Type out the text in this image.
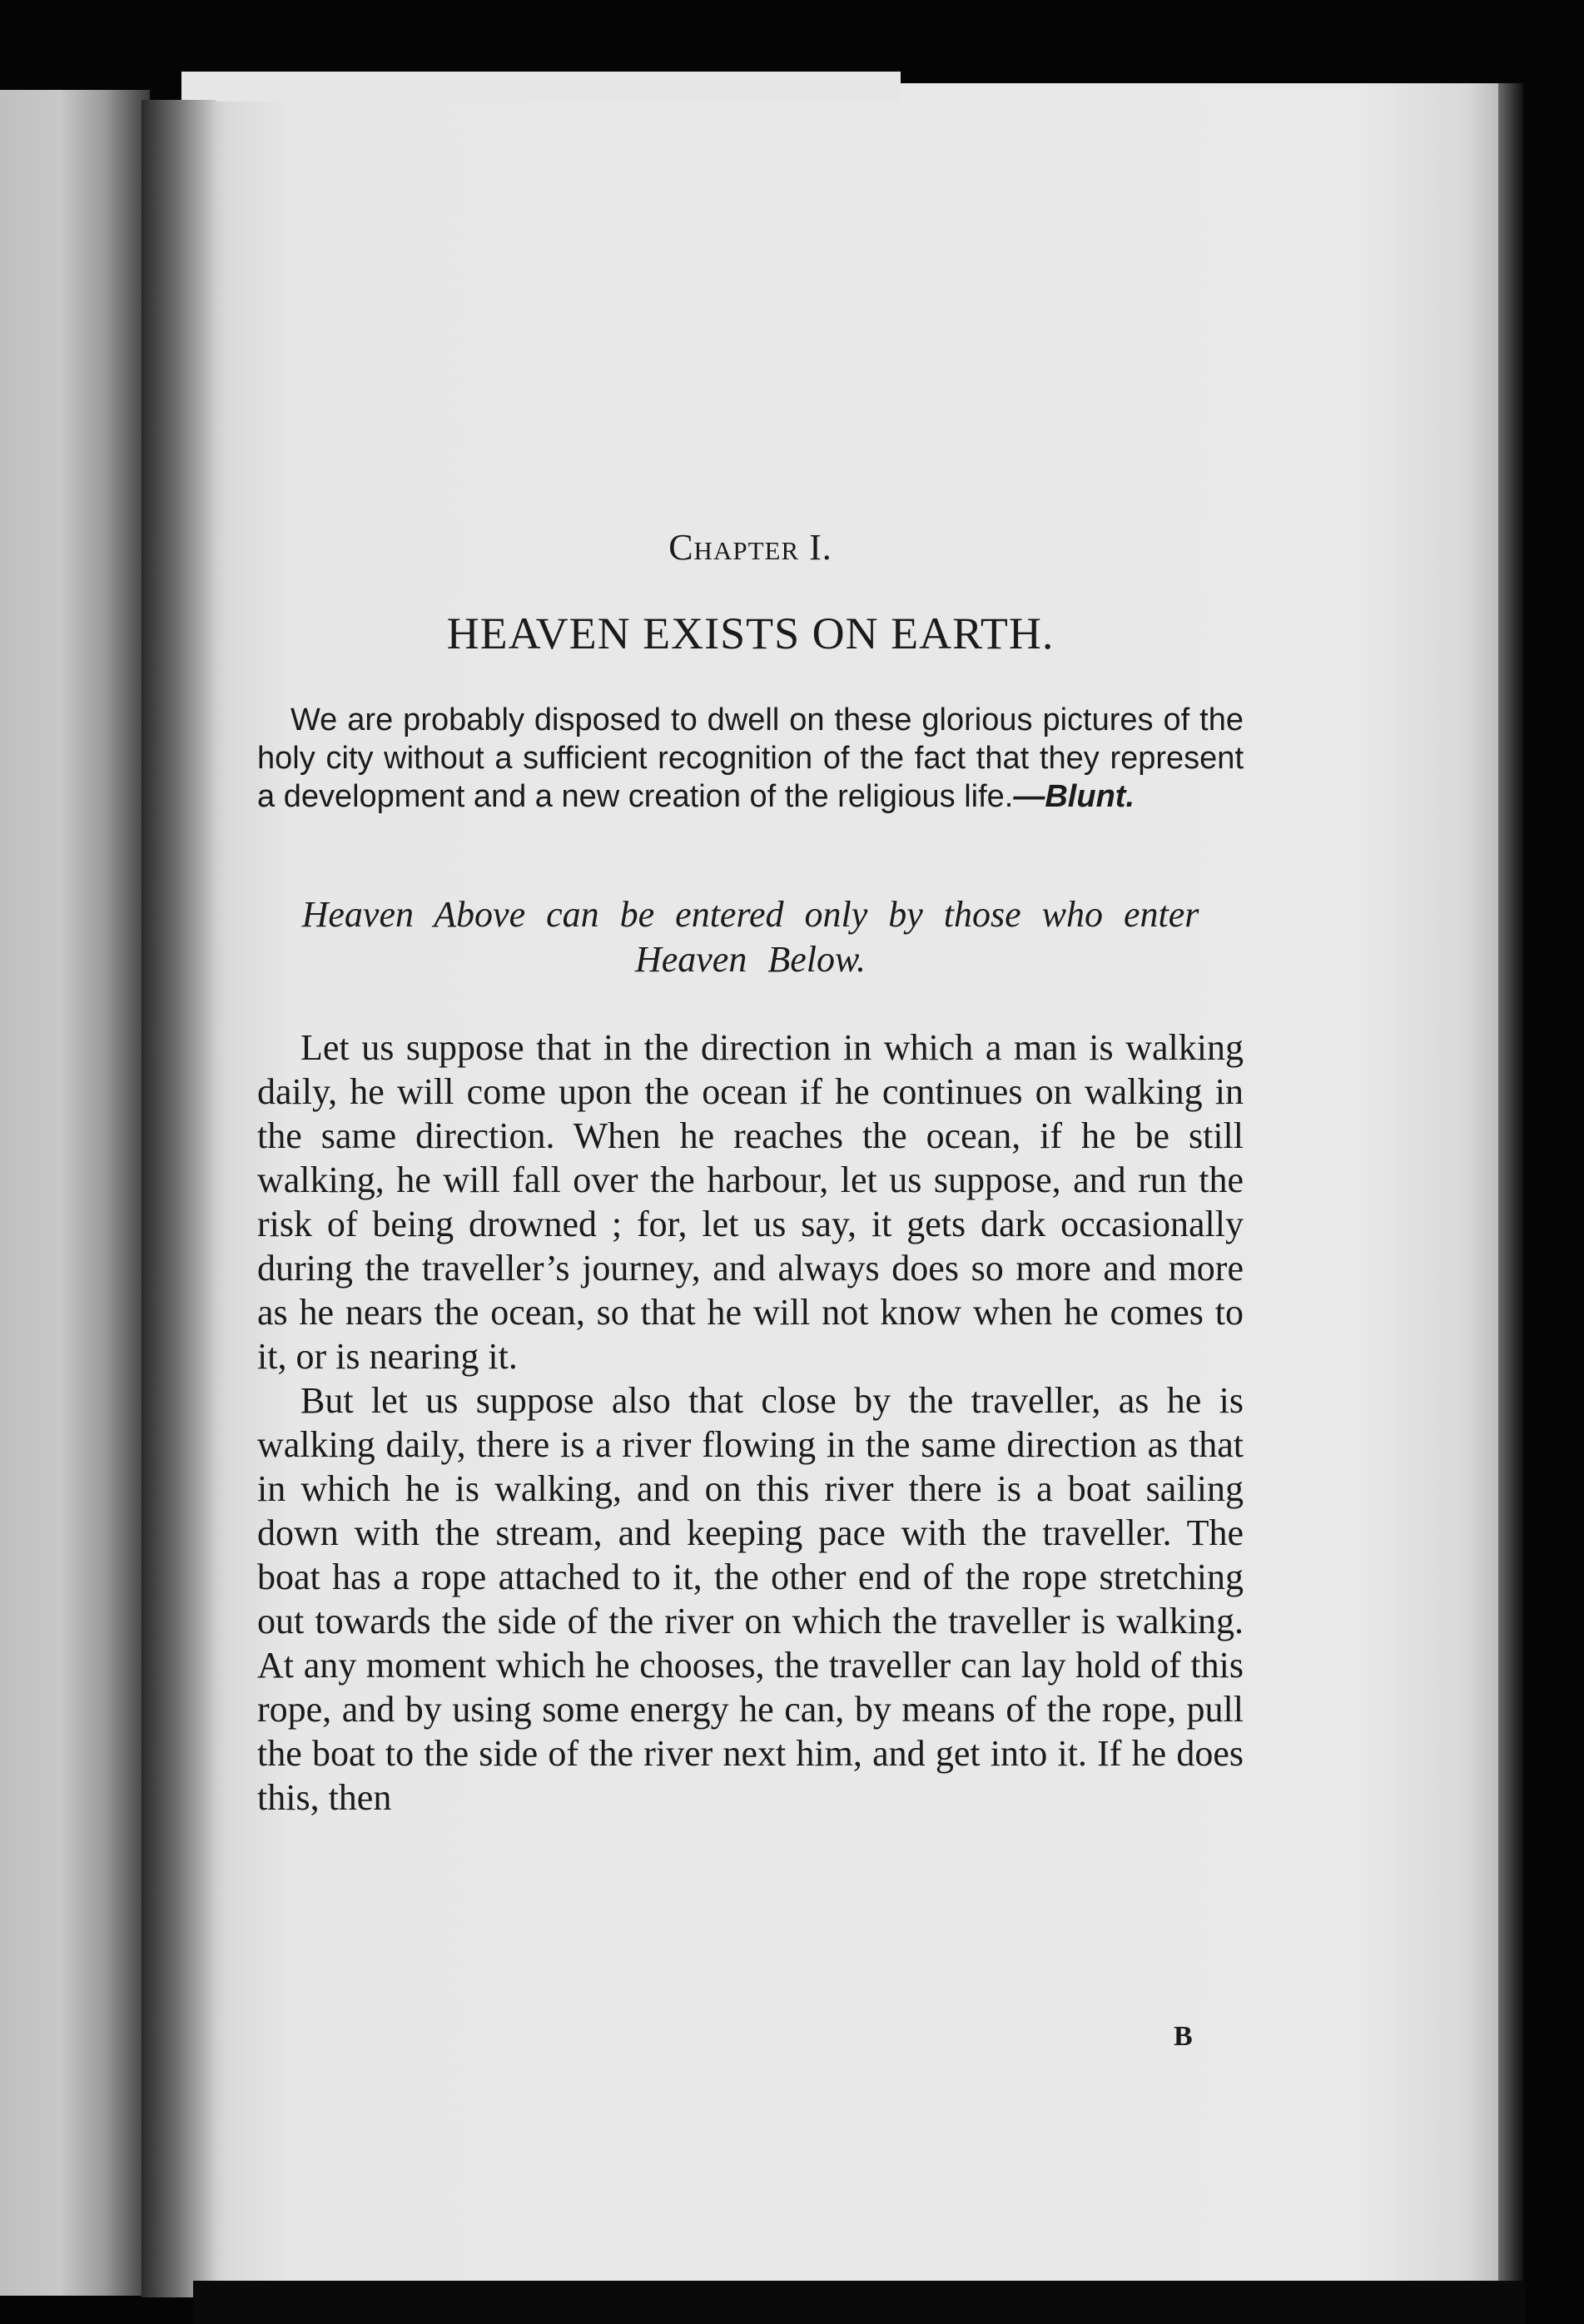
Chapter I.
HEAVEN EXISTS ON EARTH.
We are probably disposed to dwell on these glorious pictures of the holy city without a sufficient recognition of the fact that they represent a development and a new creation of the religious life.—Blunt.
Heaven Above can be entered only by those who enter Heaven Below.

Let us suppose that in the direction in which a man is walking daily, he will come upon the ocean if he continues on walking in the same direction. When he reaches the ocean, if he be still walking, he will fall over the harbour, let us suppose, and run the risk of being drowned ; for, let us say, it gets dark occasionally during the traveller’s journey, and always does so more and more as he nears the ocean, so that he will not know when he comes to it, or is nearing it.

But let us suppose also that close by the traveller, as he is walking daily, there is a river flowing in the same direction as that in which he is walking, and on this river there is a boat sailing down with the stream, and keeping pace with the traveller. The boat has a rope attached to it, the other end of the rope stretching out towards the side of the river on which the traveller is walking. At any moment which he chooses, the traveller can lay hold of this rope, and by using some energy he can, by means of the rope, pull the boat to the side of the river next him, and get into it. If he does this, then

B
